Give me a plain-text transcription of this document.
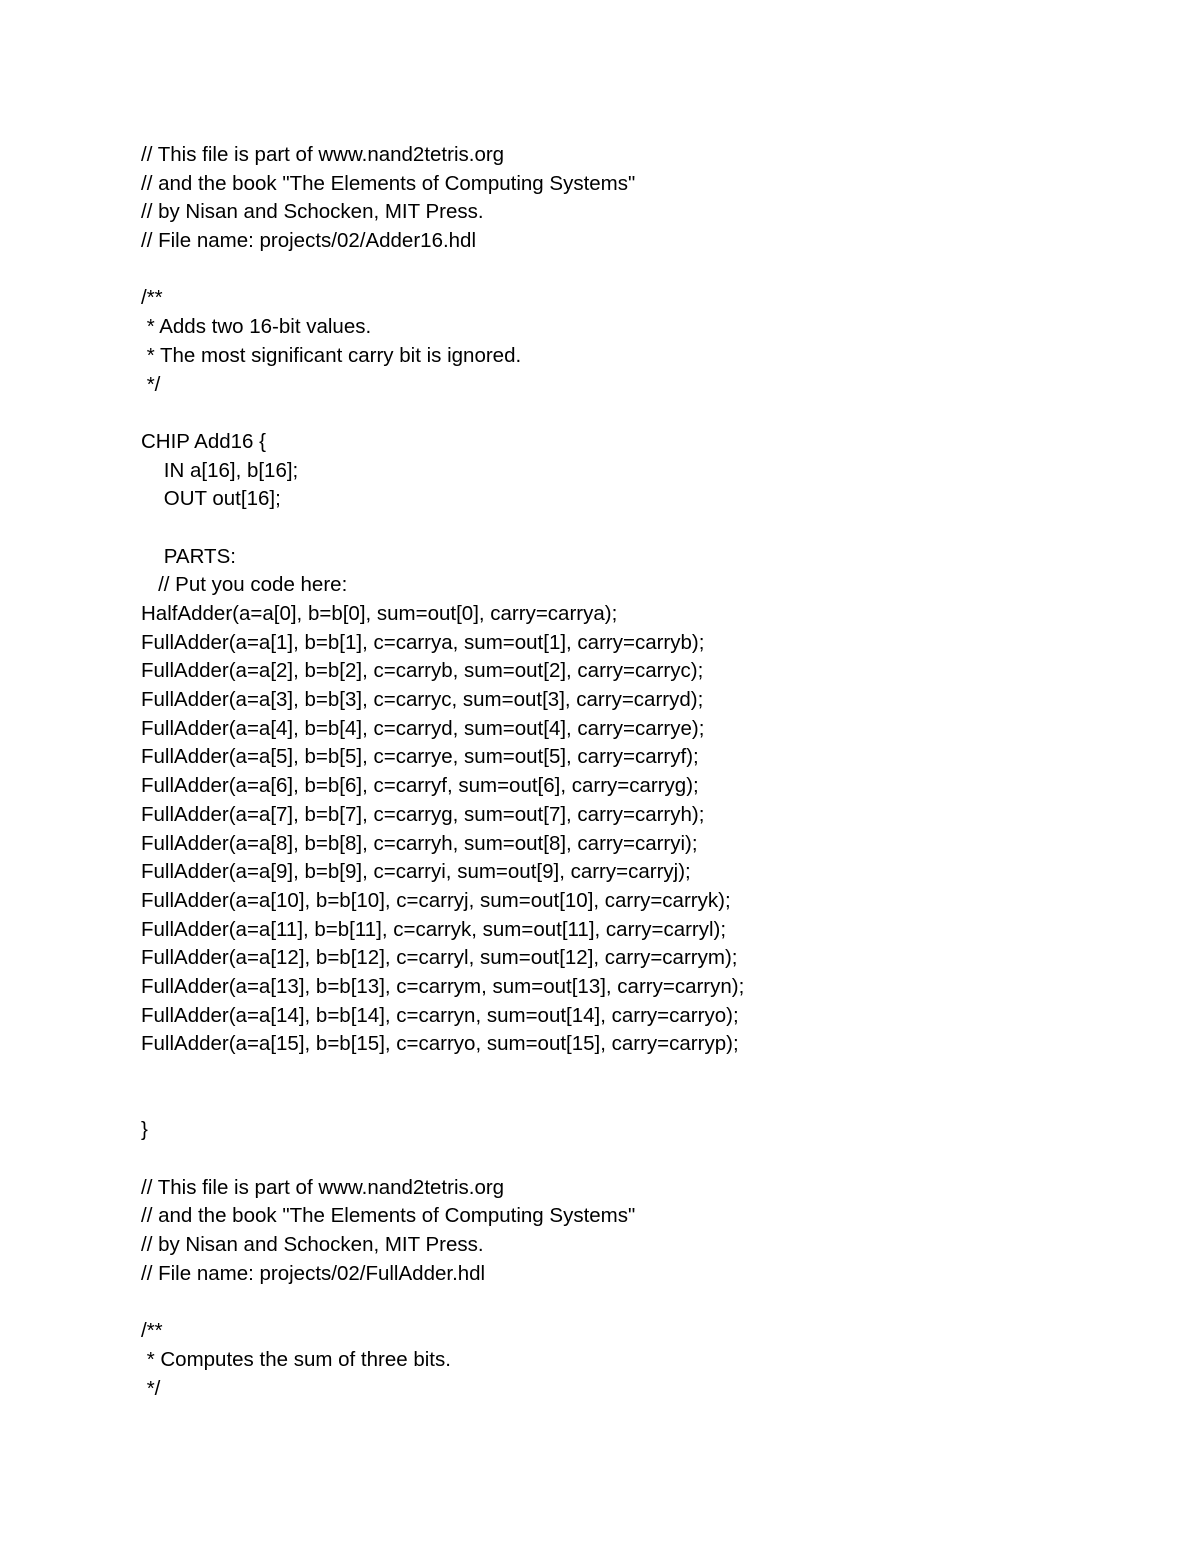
// This file is part of www.nand2tetris.org
// and the book "The Elements of Computing Systems"
// by Nisan and Schocken, MIT Press.
// File name: projects/02/Adder16.hdl
/**
* Adds two 16-bit values.
* The most significant carry bit is ignored.
*/
CHIP Add16 {
IN a[16], b[16];
OUT out[16];
PARTS:
// Put you code here:
HalfAdder(a=a[0], b=b[0], sum=out[0], carry=carrya);
FullAdder(a=a[1], b=b[1], c=carrya, sum=out[1], carry=carryb);
FullAdder(a=a[2], b=b[2], c=carryb, sum=out[2], carry=carryc);
FullAdder(a=a[3], b=b[3], c=carryc, sum=out[3], carry=carryd);
FullAdder(a=a[4], b=b[4], c=carryd, sum=out[4], carry=carrye);
FullAdder(a=a[5], b=b[5], c=carrye, sum=out[5], carry=carryf);
FullAdder(a=a[6], b=b[6], c=carryf, sum=out[6], carry=carryg);
FullAdder(a=a[7], b=b[7], c=carryg, sum=out[7], carry=carryh);
FullAdder(a=a[8], b=b[8], c=carryh, sum=out[8], carry=carryi);
FullAdder(a=a[9], b=b[9], c=carryi, sum=out[9], carry=carryj);
FullAdder(a=a[10], b=b[10], c=carryj, sum=out[10], carry=carryk);
FullAdder(a=a[11], b=b[11], c=carryk, sum=out[11], carry=carryl);
FullAdder(a=a[12], b=b[12], c=carryl, sum=out[12], carry=carrym);
FullAdder(a=a[13], b=b[13], c=carrym, sum=out[13], carry=carryn);
FullAdder(a=a[14], b=b[14], c=carryn, sum=out[14], carry=carryo);
FullAdder(a=a[15], b=b[15], c=carryo, sum=out[15], carry=carryp);
}
// This file is part of www.nand2tetris.org
// and the book "The Elements of Computing Systems"
// by Nisan and Schocken, MIT Press.
// File name: projects/02/FullAdder.hdl
/**
* Computes the sum of three bits.
*/
